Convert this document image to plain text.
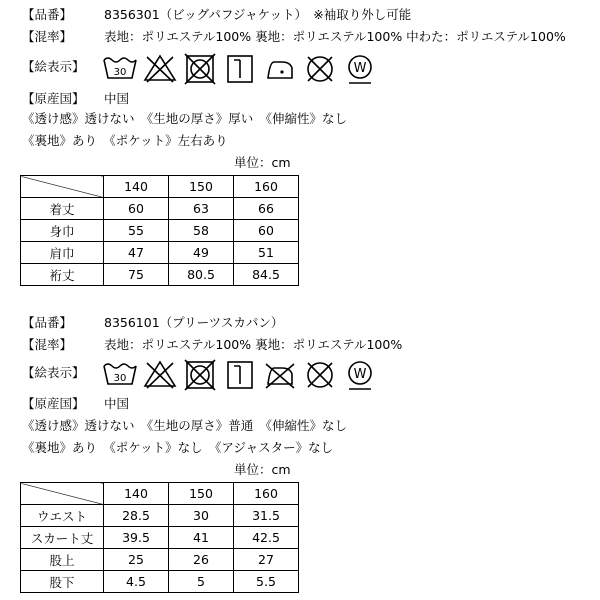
【品番】	8356301（ビッグパフジャケット）　※袖取り外し可能
【混率】	表地：ポリエステル100% 裏地：ポリエステル100% 中わた：ポリエステル100%
【絵表示】	30	W
【原産国】 中国
《透け感》透けない　《生地の厚さ》厚い　《伸縮性》なし
《裏地》あり　《ポケット》左右あり
単位：cm
	140	150	160
着丈	60	63	66
身巾	55	58	60
肩巾	47	49	51
裄丈	75	80.5	84.5
【品番】	8356101（プリーツスカパン）
【混率】	表地：ポリエステル100% 裏地：ポリエステル100%
【絵表示】	30	W
【原産国】 中国
《透け感》透けない　《生地の厚さ》普通　《伸縮性》なし
《裏地》あり　《ポケット》なし　《アジャスター》なし
単位：cm
	140	150	160
ウエスト	28.5	30	31.5
スカート丈	39.5	41	42.5
股上	25	26	27
股下	4.5	5	5.5
